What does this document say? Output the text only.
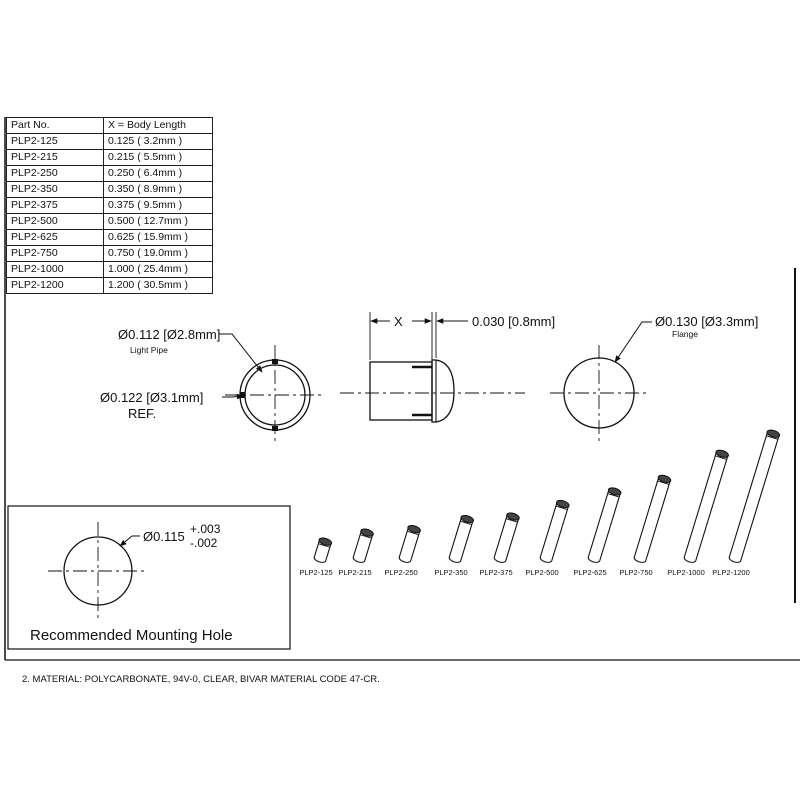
Ø0.112 [Ø2.8mm]
Light Pipe
Ø0.122 [Ø3.1mm]
REF.
X	0.030 [0.8mm]	Ø0.130 [Ø3.3mm]
Flange
Ø0.115 +.003
-.002
Recommended Mounting Hole
PLP2-125 PLP2-215 PLP2-250 PLP2-350 PLP2-375 PLP2-500 PLP2-625 PLP2-750 PLP2-1000 PLP2-1200
2. MATERIAL: POLYCARBONATE, 94V-0, CLEAR, BIVAR MATERIAL CODE 47-CR.
Part No.	X = Body Length
PLP2-125	0.125 ( 3.2mm )
PLP2-215	0.215 ( 5.5mm )
PLP2-250	0.250 ( 6.4mm )
PLP2-350	0.350 ( 8.9mm )
PLP2-375	0.375 ( 9.5mm )
PLP2-500	0.500 ( 12.7mm )
PLP2-625	0.625 ( 15.9mm )
PLP2-750	0.750 ( 19.0mm )
PLP2-1000	1.000 ( 25.4mm )
PLP2-1200	1.200 ( 30.5mm )
